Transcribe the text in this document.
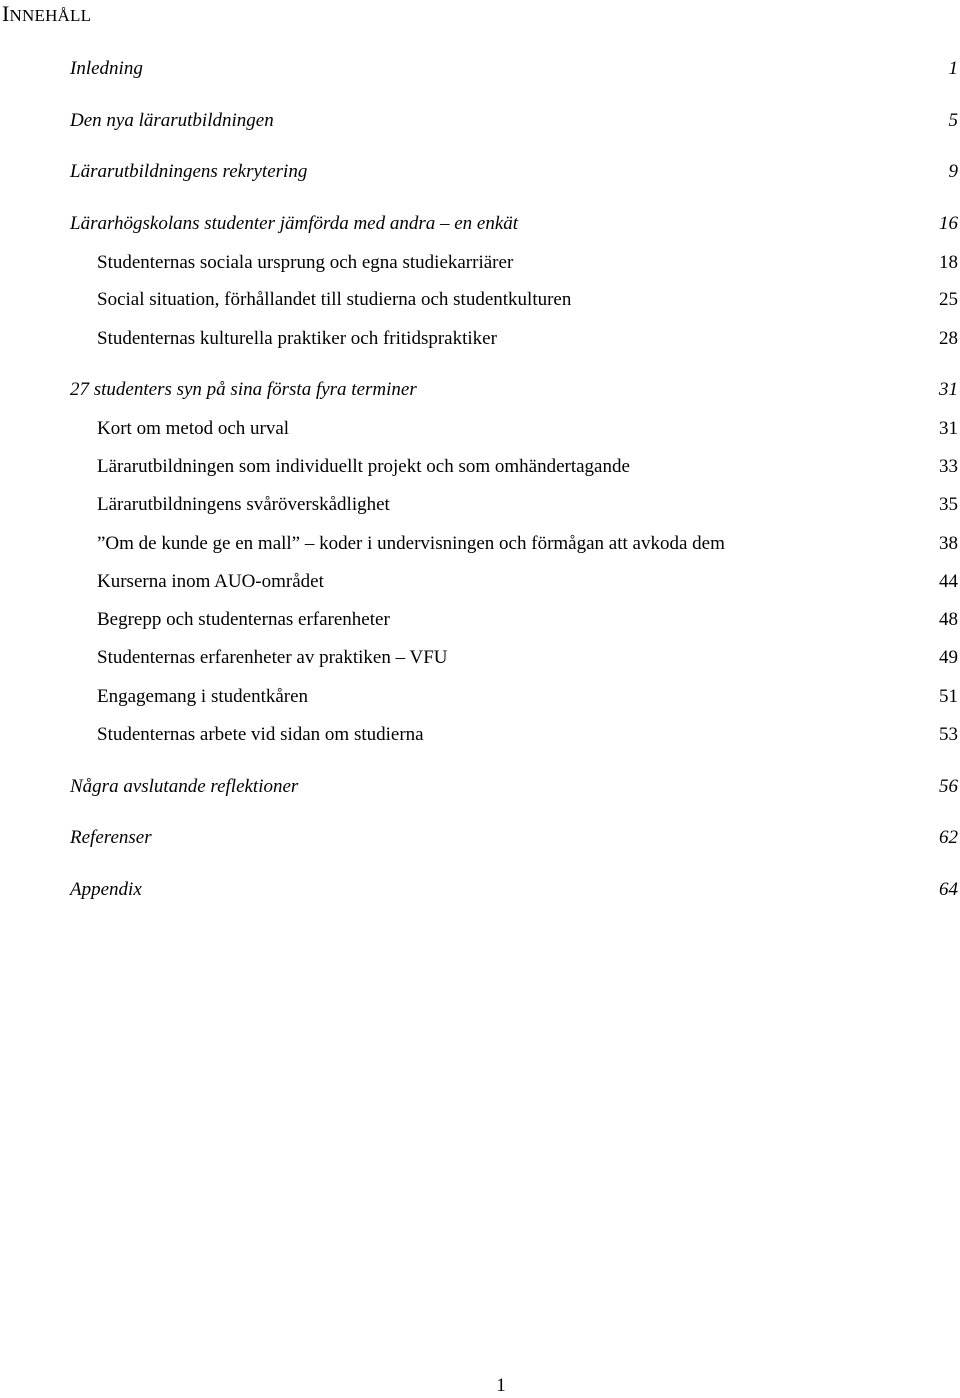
INNEHÅLL
Inledning	1
Den nya lärarutbildningen	5
Lärarutbildningens rekrytering	9
Lärarhögskolans studenter jämförda med andra – en enkät	16
Studenternas sociala ursprung och egna studiekarriärer	18
Social situation, förhållandet till studierna och studentkulturen	25
Studenternas kulturella praktiker och fritidspraktiker	28
27 studenters syn på sina första fyra terminer	31
Kort om metod och urval	31
Lärarutbildningen som individuellt projekt och som omhändertagande	33
Lärarutbildningens svåröverskådlighet	35
”Om de kunde ge en mall” – koder i undervisningen och förmågan att avkoda dem	38
Kurserna inom AUO-området	44
Begrepp och studenternas erfarenheter	48
Studenternas erfarenheter av praktiken – VFU	49
Engagemang i studentkåren	51
Studenternas arbete vid sidan om studierna	53
Några avslutande reflektioner	56
Referenser	62
Appendix	64
1
